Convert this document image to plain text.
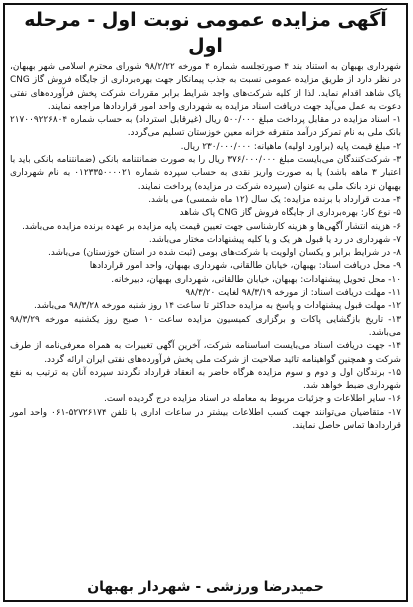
آگهی مزایده عمومی نوبت اول - مرحله اول

شهرداری بهبهان به استناد بند ۴ صورتجلسه شماره ۴ مورخه ۹۸/۲/۲۲ شورای محترم اسلامی شهر بهبهان، در نظر دارد از طریق مزایده عمومی نسبت به جذب پیمانکار جهت بهره‌برداری از جایگاه فروش گاز CNG پاک شاهد اقدام نماید. لذا از کلیه شرکت‌های واجد شرایط برابر مقررات شرکت پخش فرآورده‌های نفتی دعوت به عمل می‌آید جهت دریافت اسناد مزایده به شهرداری واحد امور قراردادها مراجعه نمایند.

۱- اسناد مزایده در مقابل پرداخت مبلغ ۵۰۰/۰۰۰ ریال (غیرقابل استرداد) به حساب شماره ۲۱۷۰۰۹۲۲۶۸۰۴ بانک ملی به نام تمرکز درآمد متفرقه خزانه معین خوزستان تسلیم می‌گردد.
۲- مبلغ قیمت پایه (براورد اولیه) ماهیانه: ۲۳۰/۰۰۰/۰۰۰ ریال.
۳- شرکت‌کنندگان می‌بایست مبلغ ۳۷۶/۰۰۰/۰۰۰ ریال را به صورت ضمانتنامه بانکی (ضمانتنامه بانکی باید با اعتبار ۳ ماهه باشد) یا به صورت واریز نقدی به حساب سپرده شماره ۰۱۲۳۳۵۰۰۰۰۲۱ به نام شهرداری بهبهان نزد بانک ملی به عنوان (سپرده شرکت در مزایده) پرداخت نمایند.
۴- مدت قرارداد با برنده مزایده: یک سال (۱۲ ماه شمسی) می باشد.
۵- نوع کار: بهره‌برداری از جایگاه فروش گاز CNG پاک شاهد
۶- هزینه انتشار آگهی‌ها و هزینه کارشناسی جهت تعیین قیمت پایه مزایده بر عهده برنده مزایده می‌باشد.
۷- شهرداری در رد یا قبول هر یک و یا کلیه پیشنهادات مختار می‌باشد.
۸- در شرایط برابر و یکسان اولویت با شرکت‌های بومی (ثبت شده در استان خوزستان) می‌باشد.
۹- محل دریافت اسناد: بهبهان، خیابان طالقانی، شهرداری بهبهان، واحد امور قراردادها
۱۰- محل تحویل پیشنهادات: بهبهان، خیابان طالقانی، شهرداری بهبهان، دبیرخانه.
۱۱- مهلت دریافت اسناد: از مورخه ۹۸/۳/۱۹ لغایت ۹۸/۳/۲۰
۱۲- مهلت قبول پیشنهادات و پاسخ به مزایده حداکثر تا ساعت ۱۴ روز شنبه مورخه ۹۸/۳/۲۸ می‌باشد.
۱۳- تاریخ بازگشایی پاکات و برگزاری کمیسیون مزایده ساعت ۱۰ صبح روز یکشنبه مورخه ۹۸/۳/۲۹ می‌باشد.
۱۴- جهت دریافت اسناد می‌بایست اساسنامه شرکت، آخرین آگهی تغییرات به همراه معرفی‌نامه از طرف شرکت و همچنین گواهینامه تائید صلاحیت از شرکت ملی پخش فرآورده‌های نفتی ایران ارائه گردد.
۱۵- برندگان اول و دوم و سوم مزایده هرگاه حاضر به انعقاد قرارداد نگردند سپرده آنان به ترتیب به نفع شهرداری ضبط خواهد شد.
۱۶- سایر اطلاعات و جزئیات مربوط به معامله در اسناد مزایده درج گردیده است.
۱۷- متقاضیان می‌توانند جهت کسب اطلاعات بیشتر در ساعات اداری با تلفن ۵۲۷۲۶۱۷۴-۰۶۱ واحد امور قراردادها تماس حاصل نمایند.
حمیدرضا ورزشی - شهردار بهبهان
